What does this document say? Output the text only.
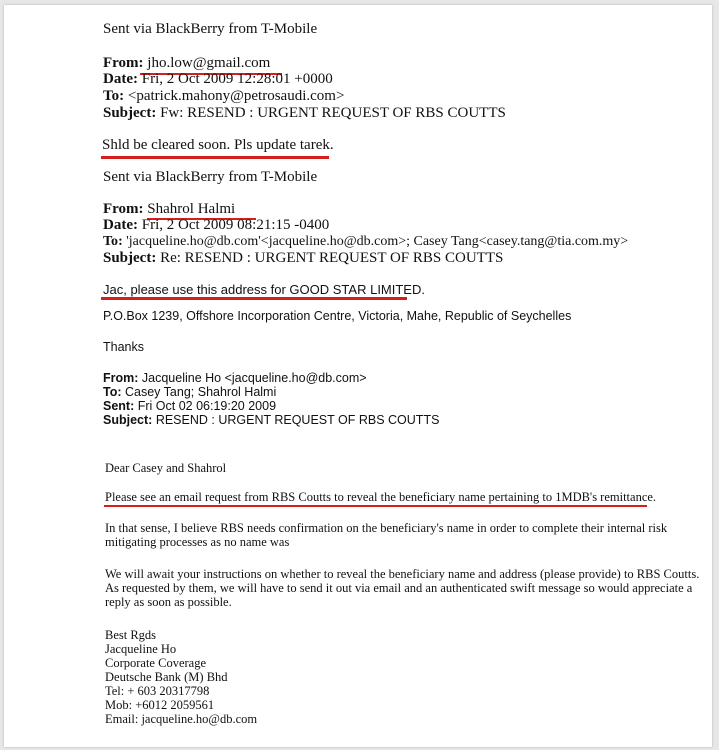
Sent via BlackBerry from T-Mobile
From: jho.low@gmail.com
Date: Fri, 2 Oct 2009 12:28:01 +0000
To: <patrick.mahony@petrosaudi.com>
Subject: Fw: RESEND : URGENT REQUEST OF RBS COUTTS
Shld be cleared soon. Pls update tarek.
Sent via BlackBerry from T-Mobile
From: Shahrol Halmi
Date: Fri, 2 Oct 2009 08:21:15 -0400
To: 'jacqueline.ho@db.com'<jacqueline.ho@db.com>; Casey Tang<casey.tang@tia.com.my>
Subject: Re: RESEND : URGENT REQUEST OF RBS COUTTS
Jac, please use this address for GOOD STAR LIMITED.
P.O.Box 1239, Offshore Incorporation Centre, Victoria, Mahe, Republic of Seychelles
Thanks
From: Jacqueline Ho <jacqueline.ho@db.com>
To: Casey Tang; Shahrol Halmi
Sent: Fri Oct 02 06:19:20 2009
Subject: RESEND : URGENT REQUEST OF RBS COUTTS
Dear Casey and Shahrol
Please see an email request from RBS Coutts to reveal the beneficiary name pertaining to 1MDB's remittance.
In that sense, I believe RBS needs confirmation on the beneficiary's name in order to complete their internal risk
mitigating processes as no name was
We will await your instructions on whether to reveal the beneficiary name and address (please provide) to RBS Coutts.
As requested by them, we will have to send it out via email and an authenticated swift message so would appreciate a
reply as soon as possible.
Best Rgds
Jacqueline Ho
Corporate Coverage
Deutsche Bank (M) Bhd
Tel: + 603 20317798
Mob: +6012 2059561
Email: jacqueline.ho@db.com
